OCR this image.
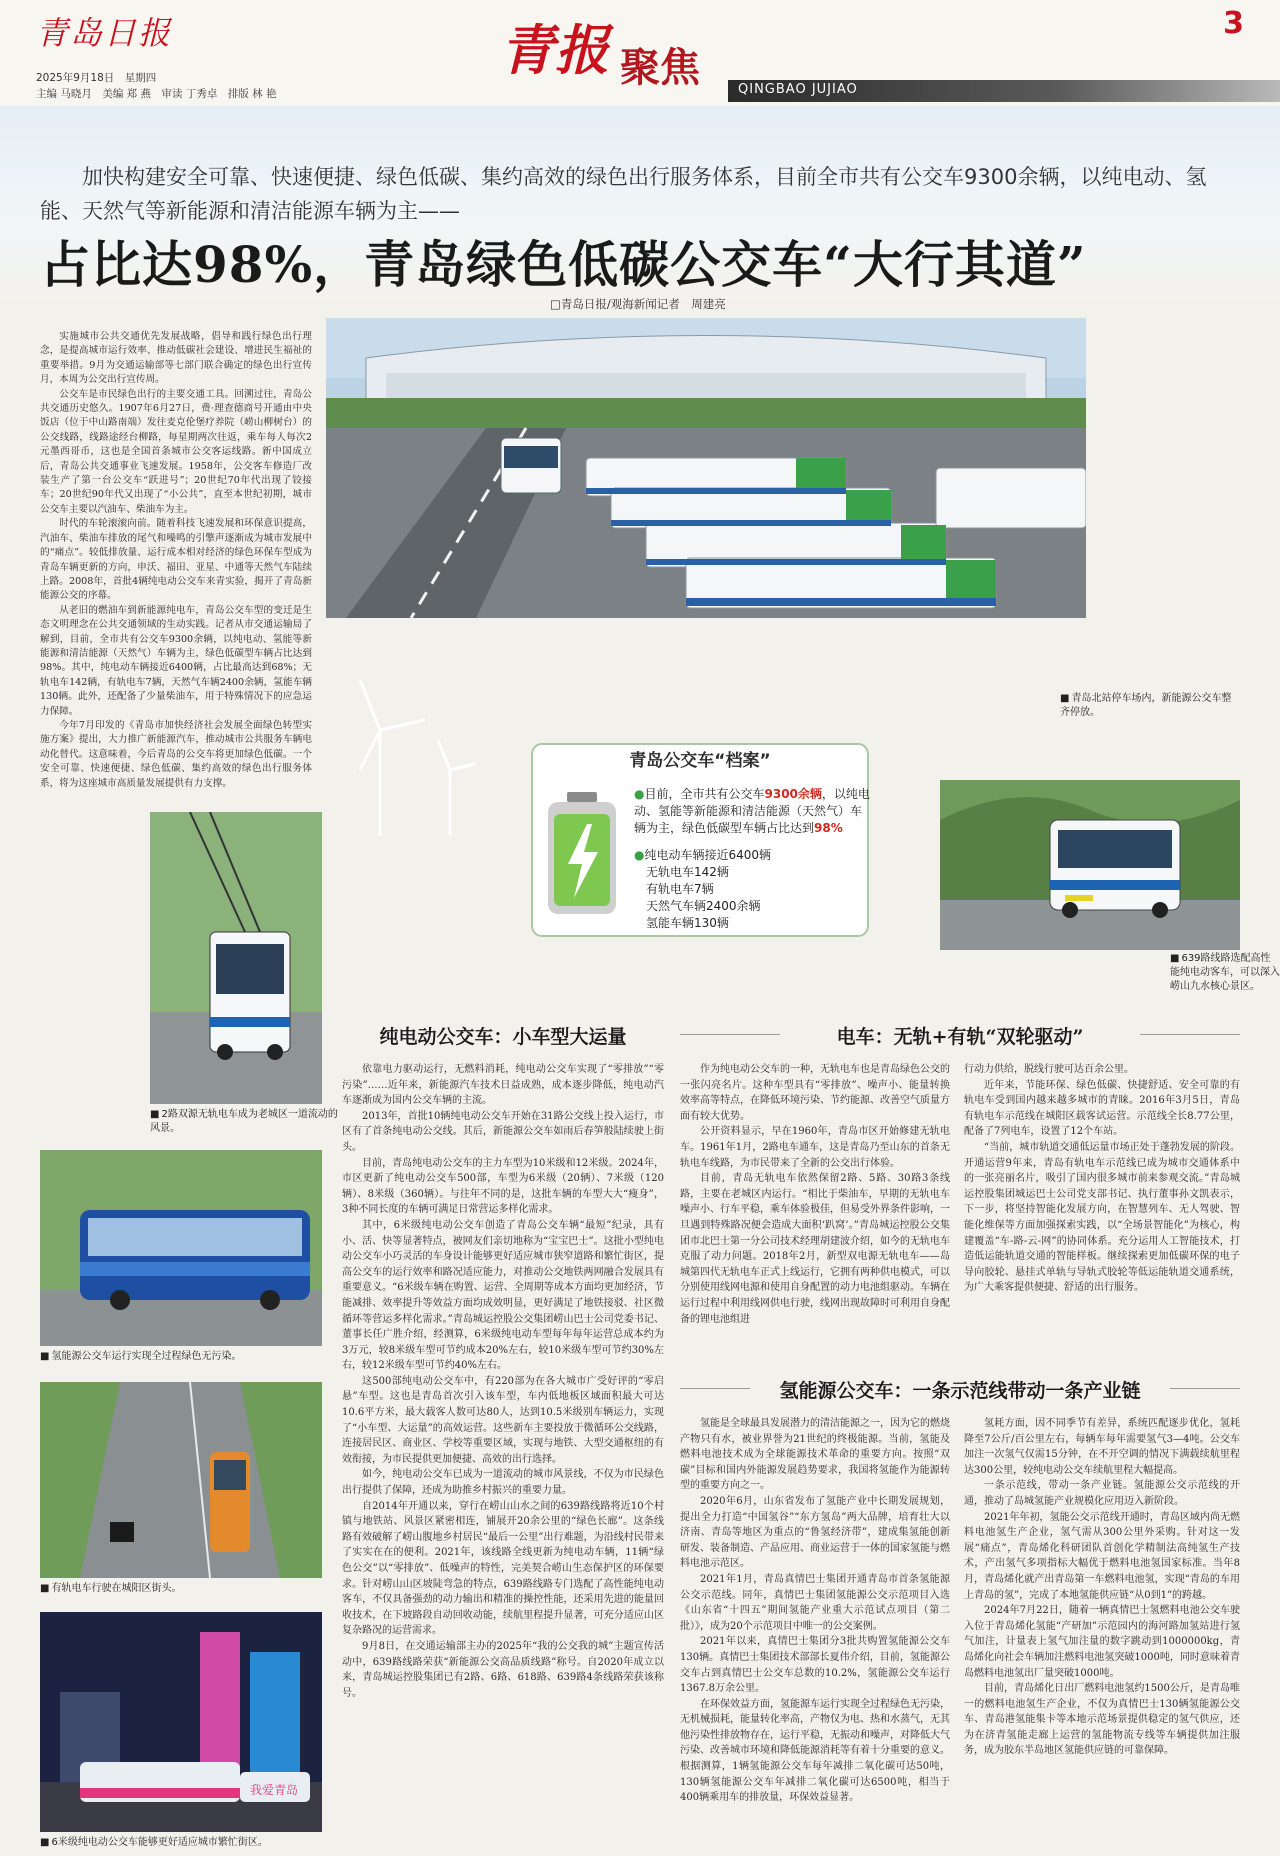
青岛日报
2025年9月18日　星期四
主编 马晓月　美编 郑 燕　审读 丁秀卓　排版 林 艳
青报 聚焦	QINGBAO JUJIAO
3
加快构建安全可靠、快速便捷、绿色低碳、集约高效的绿色出行服务体系，目前全市共有公交车9300余辆，以纯电动、氢能、天然气等新能源和清洁能源车辆为主——
占比达98%，青岛绿色低碳公交车“大行其道”
□青岛日报/观海新闻记者　周建亮
■ 青岛北站停车场内，新能源公交车整齐停放。
■ 639路线路选配高性能纯电动客车，可以深入崂山九水核心景区。
青岛公交车“档案”
●目前，全市共有公交车9300余辆，以纯电动、氢能等新能源和清洁能源（天然气）车辆为主，绿色低碳型车辆占比达到98%
●纯电动车辆接近6400辆
无轨电车142辆
有轨电车7辆
天然气车辆2400余辆
氢能车辆130辆

实施城市公共交通优先发展战略，倡导和践行绿色出行理念，是提高城市运行效率、推动低碳社会建设、增进民生福祉的重要举措。9月为交通运输部等七部门联合确定的绿色出行宣传月，本周为公交出行宣传周。

公交车是市民绿色出行的主要交通工具。回溯过往，青岛公共交通历史悠久。1907年6月27日，费·理查德商号开通由中央饭店（位于中山路南端）发往麦克伦堡疗养院（崂山柳树台）的公交线路，线路途经台柳路，每星期两次往返，乘车每人每次2元墨西哥币，这也是全国首条城市公交客运线路。新中国成立后，青岛公共交通事业飞速发展。1958年，公交客车修造厂改装生产了第一台公交车“跃进号”；20世纪70年代出现了铰接车；20世纪90年代又出现了“小公共”，直至本世纪初期，城市公交车主要以汽油车、柴油车为主。

时代的车轮滚滚向前。随着科技飞速发展和环保意识提高，汽油车、柴油车排放的尾气和噪鸣的引擎声逐渐成为城市发展中的“痛点”。较低排放量、运行成本相对经济的绿色环保车型成为青岛车辆更新的方向，申沃、福田、亚星、中通等天然气车陆续上路。2008年，首批4辆纯电动公交车来青实验，揭开了青岛新能源公交的序幕。

从老旧的燃油车到新能源纯电车，青岛公交车型的变迁是生态文明理念在公共交通领域的生动实践。记者从市交通运输局了解到，目前，全市共有公交车9300余辆，以纯电动、氢能等新能源和清洁能源（天然气）车辆为主，绿色低碳型车辆占比达到98%。其中，纯电动车辆接近6400辆，占比最高达到68%；无轨电车142辆，有轨电车7辆，天然气车辆2400余辆，氢能车辆130辆。此外，还配备了少量柴油车，用于特殊情况下的应急运力保障。

今年7月印发的《青岛市加快经济社会发展全面绿色转型实施方案》提出，大力推广新能源汽车，推动城市公共服务车辆电动化替代。这意味着，今后青岛的公交车将更加绿色低碳。一个安全可靠、快速便捷、绿色低碳、集约高效的绿色出行服务体系，将为这座城市高质量发展提供有力支撑。

■ 2路双源无轨电车成为老城区一道流动的风景。
■ 氢能源公交车运行实现全过程绿色无污染。
■ 有轨电车行驶在城阳区街头。
我爱青岛
■ 6米级纯电动公交车能够更好适应城市繁忙街区。
纯电动公交车：小车型大运量

依靠电力驱动运行，无燃料消耗，纯电动公交车实现了“零排放”“零污染”……近年来，新能源汽车技术日益成熟，成本逐步降低，纯电动汽车逐渐成为国内公交车辆的主流。

2013年，首批10辆纯电动公交车开始在31路公交线上投入运行，市区有了首条纯电动公交线。其后，新能源公交车如雨后春笋般陆续驶上街头。

目前，青岛纯电动公交车的主力车型为10米级和12米级。2024年，市区更新了纯电动公交车500部，车型为6米级（20辆）、7米级（120辆）、8米级（360辆）。与往年不同的是，这批车辆的车型大大“瘦身”，3种不同长度的车辆可满足日常营运多样化需求。

其中，6米级纯电动公交车创造了青岛公交车辆“最短”纪录，具有小、活、快等显著特点，被网友们亲切地称为“宝宝巴士”。这批小型纯电动公交车小巧灵活的车身设计能够更好适应城市狭窄道路和繁忙街区，提高公交车的运行效率和路况适应能力，对推动公交地铁两网融合发展具有重要意义。“6米级车辆在购置、运营、全周期等成本方面均更加经济，节能减排、效率提升等效益方面均成效明显，更好满足了地铁接驳、社区微循环等营运多样化需求。”青岛城运控股公交集团崂山巴士公司党委书记、董事长任广胜介绍，经测算，6米级纯电动车型每年每年运营总成本约为3万元，较8米级车型可节约成本20%左右，较10米级车型可节约30%左右，较12米级车型可节约40%左右。

这500部纯电动公交车中，有220部为在各大城市广受好评的“零启悬”车型。这也是青岛首次引入该车型，车内低地板区域面积最大可达10.6平方米，最大载客人数可达80人，达到10.5米级别车辆运力，实现了“小车型、大运量”的高效运营。这些新车主要投放于微循环公交线路，连接居民区、商业区、学校等重要区域，实现与地铁、大型交通枢纽的有效衔接，为市民提供更加便捷、高效的出行选择。

如今，纯电动公交车已成为一道流动的城市风景线，不仅为市民绿色出行提供了保障，还成为助推乡村振兴的重要力量。

自2014年开通以来，穿行在崂山山水之间的639路线路将近10个村镇与地铁站、风景区紧密相连，铺展开20余公里的“绿色长廊”。这条线路有效破解了崂山腹地乡村居民“最后一公里”出行难题，为沿线村民带来了实实在在的便利。2021年，该线路全线更新为纯电动车辆，11辆“绿色公交”以“零排放”、低噪声的特性，完美契合崂山生态保护区的环保要求。针对崂山山区坡陡弯急的特点，639路线路专门选配了高性能纯电动客车，不仅具备强劲的动力输出和精准的操控性能，还采用先进的能量回收技术，在下坡路段自动回收动能，续航里程提升显著，可充分适应山区复杂路况的运营需求。

9月8日，在交通运输部主办的2025年“我的公交我的城”主题宣传活动中，639路线路荣获“新能源公交高品质线路”称号。自2020年成立以来，青岛城运控股集团已有2路、6路、618路、639路4条线路荣获该称号。

电车：无轨+有轨“双轮驱动”

作为纯电动公交车的一种，无轨电车也是青岛绿色公交的一张闪亮名片。这种车型具有“零排放”、噪声小、能量转换效率高等特点，在降低环境污染、节约能源、改善空气质量方面有较大优势。

公开资料显示，早在1960年，青岛市区开始修建无轨电车。1961年1月，2路电车通车，这是青岛乃至山东的首条无轨电车线路，为市民带来了全新的公交出行体验。

目前，青岛无轨电车依然保留2路、5路、30路3条线路，主要在老城区内运行。“相比于柴油车，早期的无轨电车噪声小、行车平稳，乘车体验极佳，但易受外界条件影响，一旦遇到特殊路况便会造成大面积‘趴窝’。”青岛城运控股公交集团市北巴士第一分公司技术经理胡建波介绍，如今的无轨电车克服了动力问题。2018年2月，新型双电源无轨电车——岛城第四代无轨电车正式上线运行，它拥有两种供电模式，可以分别使用线网电源和使用自身配置的动力电池组驱动。车辆在运行过程中利用线网供电行驶，线网出现故障时可利用自身配备的锂电池组进

行动力供给，脱线行驶可达百余公里。

近年来，节能环保、绿色低碳、快捷舒适、安全可靠的有轨电车受到国内越来越多城市的青睐。2016年3月5日，青岛有轨电车示范线在城阳区载客试运营。示范线全长8.77公里，配备了7列电车，设置了12个车站。

“当前，城市轨道交通低运量市场正处于蓬勃发展的阶段。开通运营9年来，青岛有轨电车示范线已成为城市交通体系中的一张亮丽名片，吸引了国内很多城市前来参观交流。”青岛城运控股集团城运巴士公司党支部书记、执行董事孙文凯表示，下一步，将坚持智能化发展方向，在智慧列车、无人驾驶、智能化维保等方面加强探索实践，以“全场景智能化”为核心，构建覆盖“车-路-云-网”的协同体系。充分运用人工智能技术，打造低运能轨道交通的智能样板。继续探索更加低碳环保的电子导向胶轮、悬挂式单轨与导轨式胶轮等低运能轨道交通系统，为广大乘客提供便捷、舒适的出行服务。

氢能源公交车：一条示范线带动一条产业链

氢能是全球最具发展潜力的清洁能源之一，因为它的燃烧产物只有水，被业界誉为21世纪的终极能源。当前，氢能及燃料电池技术成为全球能源技术革命的重要方向。按照“双碳”目标和国内外能源发展趋势要求，我国将氢能作为能源转型的重要方向之一。

2020年6月，山东省发布了氢能产业中长期发展规划，提出全力打造“中国氢谷”“东方氢岛”两大品牌，培育壮大以济南、青岛等地区为重点的“鲁氢经济带”，建成集氢能创新研发、装备制造、产品应用、商业运营于一体的国家氢能与燃料电池示范区。

2021年1月，青岛真情巴士集团开通青岛市首条氢能源公交示范线。同年，真情巴士集团氢能源公交示范项目入选《山东省“十四五”期间氢能产业重大示范试点项目（第二批）》，成为20个示范项目中唯一的公交案例。

2021年以来，真情巴士集团分3批共购置氢能源公交车130辆。真情巴士集团技术部部长夏伟介绍，目前，氢能源公交车占到真情巴士公交车总数的10.2%，氢能源公交车运行1367.8万余公里。

在环保效益方面，氢能源车运行实现全过程绿色无污染，无机械损耗，能量转化率高，产物仅为电、热和水蒸气，无其他污染性排放物存在，运行平稳，无振动和噪声，对降低大气污染、改善城市环境和降低能源消耗等有着十分重要的意义。根据测算，1辆氢能源公交车每年减排二氧化碳可达50吨，130辆氢能源公交车年减排二氧化碳可达6500吨，相当于400辆乘用车的排放量，环保效益显著。

氢耗方面，因不同季节有差异，系统匹配逐步优化，氢耗降至7公斤/百公里左右，每辆车每年需要氢气3—4吨。公交车加注一次氢气仅需15分钟，在不开空调的情况下满载续航里程达300公里，较纯电动公交车续航里程大幅提高。

一条示范线，带动一条产业链。氢能源公交示范线的开通，推动了岛城氢能产业规模化应用迈入新阶段。

2021年年初，氢能公交示范线开通时，青岛区域内尚无燃料电池氢生产企业，氢气需从300公里外采购。针对这一发展“痛点”，青岛烯化科研团队首创化学精制法高纯氢生产技术，产出氢气多项指标大幅优于燃料电池氢国家标准。当年8月，青岛烯化就产出青岛第一车燃料电池氢，实现“青岛的车用上青岛的氢”，完成了本地氢能供应链“从0到1”的跨越。

2024年7月22日，随着一辆真情巴士氢燃料电池公交车驶入位于青岛烯化氢能“产研加”示范园内的海河路加氢站进行氢气加注，计量表上氢气加注量的数字跳动到1000000kg，青岛烯化向社会车辆加注燃料电池氢突破1000吨，同时意味着青岛燃料电池氢出厂量突破1000吨。

目前，青岛烯化日出厂燃料电池氢约1500公斤，是青岛唯一的燃料电池氢生产企业，不仅为真情巴士130辆氢能源公交车、青岛港氢能集卡等本地示范场景提供稳定的氢气供应，还为在济青氢能走廊上运营的氢能物流专线等车辆提供加注服务，成为胶东半岛地区氢能供应链的可靠保障。
